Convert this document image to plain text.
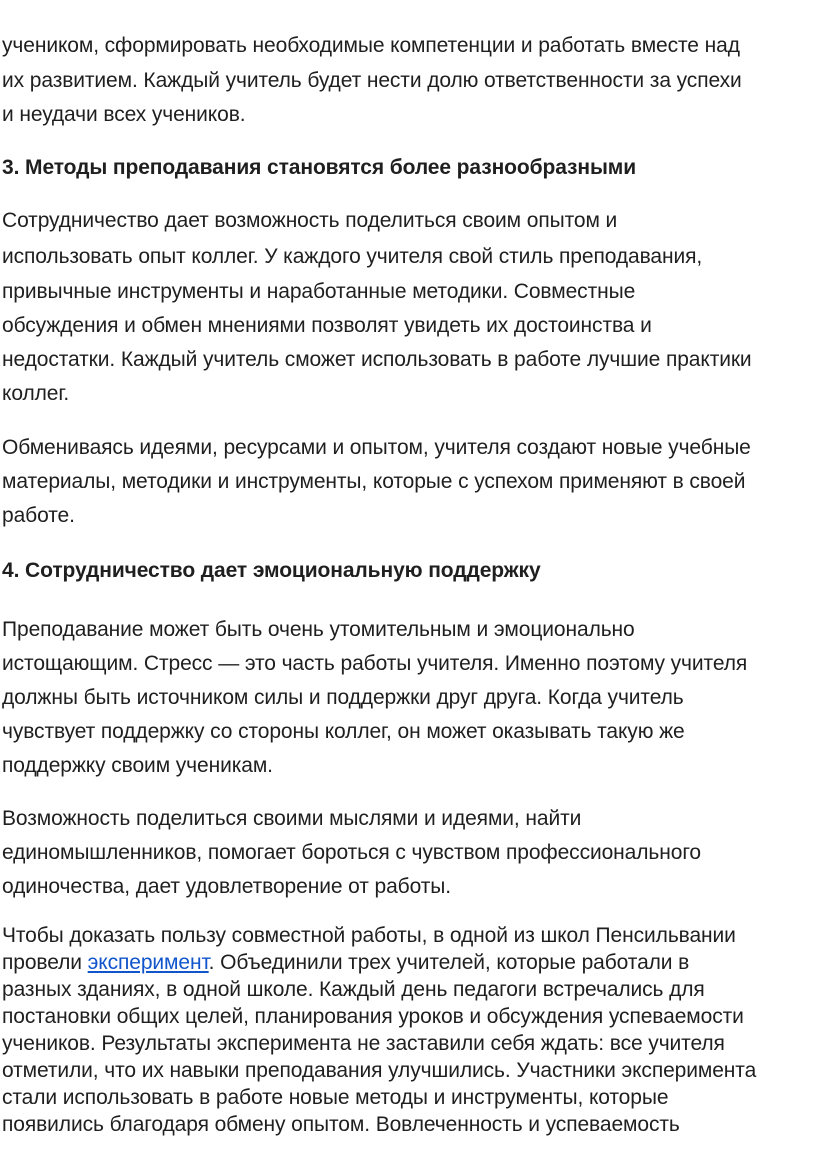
учеником, сформировать необходимые компетенции и работать вместе над
их развитием. Каждый учитель будет нести долю ответственности за успехи
и неудачи всех учеников.
3. Методы преподавания становятся более разнообразными
Сотрудничество дает возможность поделиться своим опытом и
использовать опыт коллег. У каждого учителя свой стиль преподавания,
привычные инструменты и наработанные методики. Совместные
обсуждения и обмен мнениями позволят увидеть их достоинства и
недостатки. Каждый учитель сможет использовать в работе лучшие практики
коллег.
Обмениваясь идеями, ресурсами и опытом, учителя создают новые учебные
материалы, методики и инструменты, которые с успехом применяют в своей
работе.
4. Сотрудничество дает эмоциональную поддержку
Преподавание может быть очень утомительным и эмоционально
истощающим. Стресс — это часть работы учителя. Именно поэтому учителя
должны быть источником силы и поддержки друг друга. Когда учитель
чувствует поддержку со стороны коллег, он может оказывать такую же
поддержку своим ученикам.
Возможность поделиться своими мыслями и идеями, найти
единомышленников, помогает бороться с чувством профессионального
одиночества, дает удовлетворение от работы.
Чтобы доказать пользу совместной работы, в одной из школ Пенсильвании
провели эксперимент. Объединили трех учителей, которые работали в
разных зданиях, в одной школе. Каждый день педагоги встречались для
постановки общих целей, планирования уроков и обсуждения успеваемости
учеников. Результаты эксперимента не заставили себя ждать: все учителя
отметили, что их навыки преподавания улучшились. Участники эксперимента
стали использовать в работе новые методы и инструменты, которые
появились благодаря обмену опытом. Вовлеченность и успеваемость
